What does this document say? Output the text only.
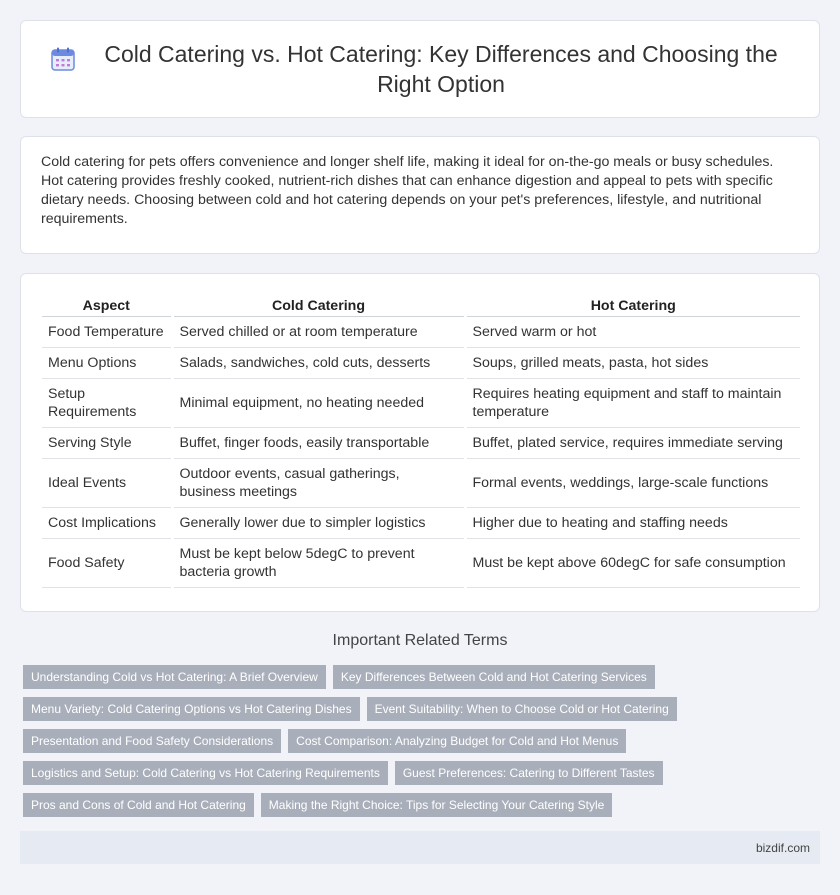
Cold Catering vs. Hot Catering: Key Differences and Choosing the Right Option

Cold catering for pets offers convenience and longer shelf life, making it ideal for on-the-go meals or busy schedules. Hot catering provides freshly cooked, nutrient-rich dishes that can enhance digestion and appeal to pets with specific dietary needs. Choosing between cold and hot catering depends on your pet's preferences, lifestyle, and nutritional requirements.

Aspect	Cold Catering	Hot Catering
Food Temperature	Served chilled or at room temperature	Served warm or hot
Menu Options	Salads, sandwiches, cold cuts, desserts	Soups, grilled meats, pasta, hot sides
Setup Requirements	Minimal equipment, no heating needed	Requires heating equipment and staff to maintain temperature
Serving Style	Buffet, finger foods, easily transportable	Buffet, plated service, requires immediate serving
Ideal Events	Outdoor events, casual gatherings, business meetings	Formal events, weddings, large-scale functions
Cost Implications	Generally lower due to simpler logistics	Higher due to heating and staffing needs
Food Safety	Must be kept below 5degC to prevent bacteria growth	Must be kept above 60degC for safe consumption
Important Related Terms
Understanding Cold vs Hot Catering: A Brief Overview	Key Differences Between Cold and Hot Catering Services
Menu Variety: Cold Catering Options vs Hot Catering Dishes	Event Suitability: When to Choose Cold or Hot Catering
Presentation and Food Safety Considerations	Cost Comparison: Analyzing Budget for Cold and Hot Menus
Logistics and Setup: Cold Catering vs Hot Catering Requirements	Guest Preferences: Catering to Different Tastes
Pros and Cons of Cold and Hot Catering	Making the Right Choice: Tips for Selecting Your Catering Style
bizdif.com
